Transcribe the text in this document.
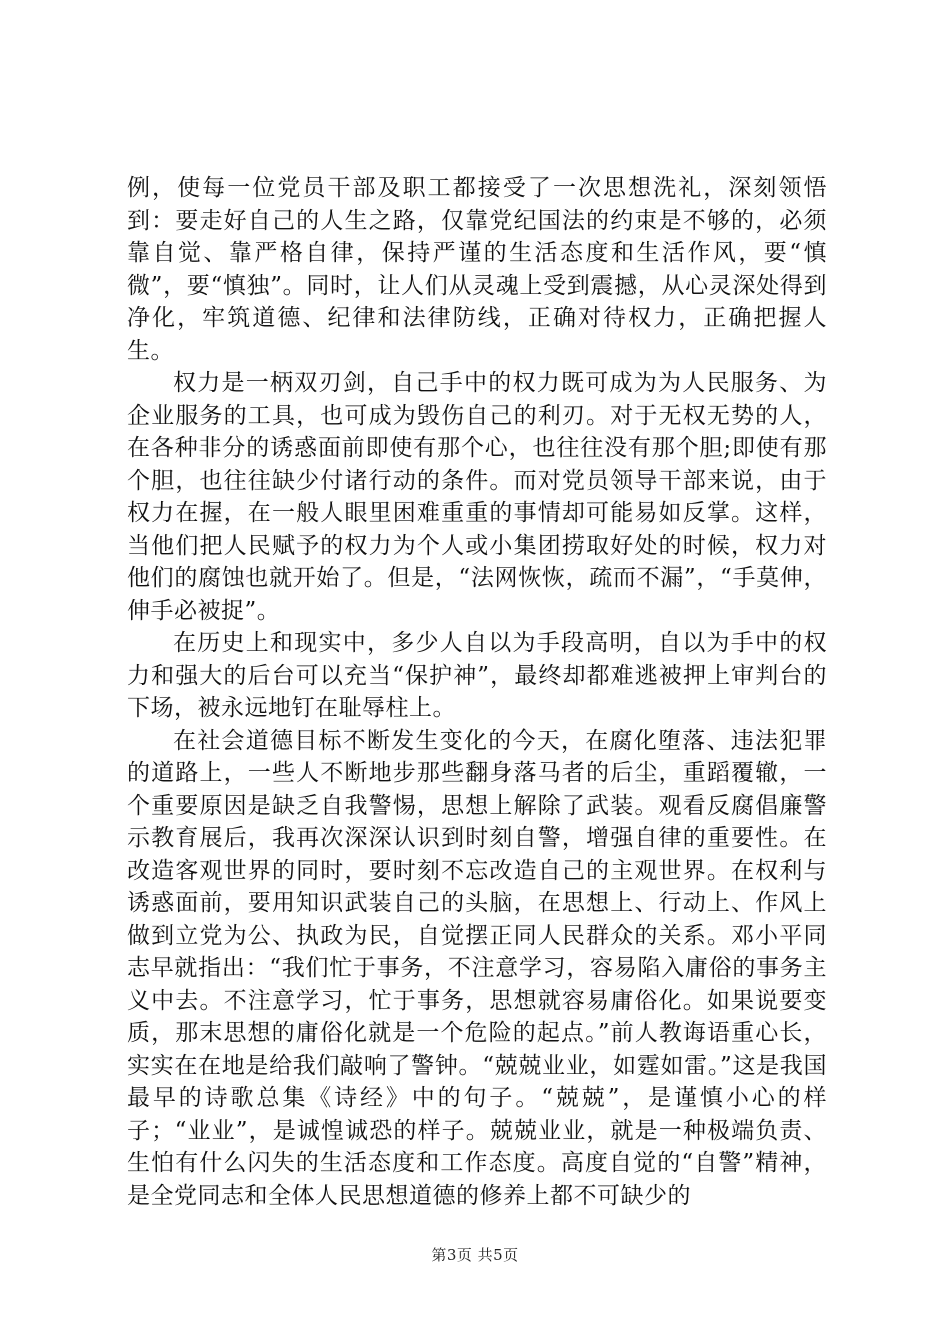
例，使每一位党员干部及职工都接受了一次思想洗礼，深刻领悟到：要走好自己的人生之路，仅靠党纪国法的约束是不够的，必须靠自觉、靠严格自律，保持严谨的生活态度和生活作风，要“慎微”，要“慎独”。同时，让人们从灵魂上受到震撼，从心灵深处得到净化，牢筑道德、纪律和法律防线，正确对待权力，正确把握人生。

权力是一柄双刃剑，自己手中的权力既可成为为人民服务、为企业服务的工具，也可成为毁伤自己的利刃。对于无权无势的人，在各种非分的诱惑面前即使有那个心，也往往没有那个胆;即使有那个胆，也往往缺少付诸行动的条件。而对党员领导干部来说，由于权力在握，在一般人眼里困难重重的事情却可能易如反掌。这样，当他们把人民赋予的权力为个人或小集团捞取好处的时候，权力对他们的腐蚀也就开始了。但是，“法网恢恢，疏而不漏”，“手莫伸，伸手必被捉”。

在历史上和现实中，多少人自以为手段高明，自以为手中的权力和强大的后台可以充当“保护神”，最终却都难逃被押上审判台的下场，被永远地钉在耻辱柱上。

在社会道德目标不断发生变化的今天，在腐化堕落、违法犯罪的道路上，一些人不断地步那些翻身落马者的后尘，重蹈覆辙，一个重要原因是缺乏自我警惕，思想上解除了武装。观看反腐倡廉警示教育展后，我再次深深认识到时刻自警，增强自律的重要性。在改造客观世界的同时，要时刻不忘改造自己的主观世界。在权利与诱惑面前，要用知识武装自己的头脑，在思想上、行动上、作风上做到立党为公、执政为民，自觉摆正同人民群众的关系。邓小平同志早就指出：“我们忙于事务，不注意学习，容易陷入庸俗的事务主义中去。不注意学习，忙于事务，思想就容易庸俗化。如果说要变质，那末思想的庸俗化就是一个危险的起点。”前人教诲语重心长，实实在在地是给我们敲响了警钟。“兢兢业业，如霆如雷。”这是我国最早的诗歌总集《诗经》中的句子。“兢兢”，是谨慎小心的样子；“业业”，是诚惶诚恐的样子。兢兢业业，就是一种极端负责、生怕有什么闪失的生活态度和工作态度。高度自觉的“自警”精神，是全党同志和全体人民思想道德的修养上都不可缺少的

第3页 共5页
